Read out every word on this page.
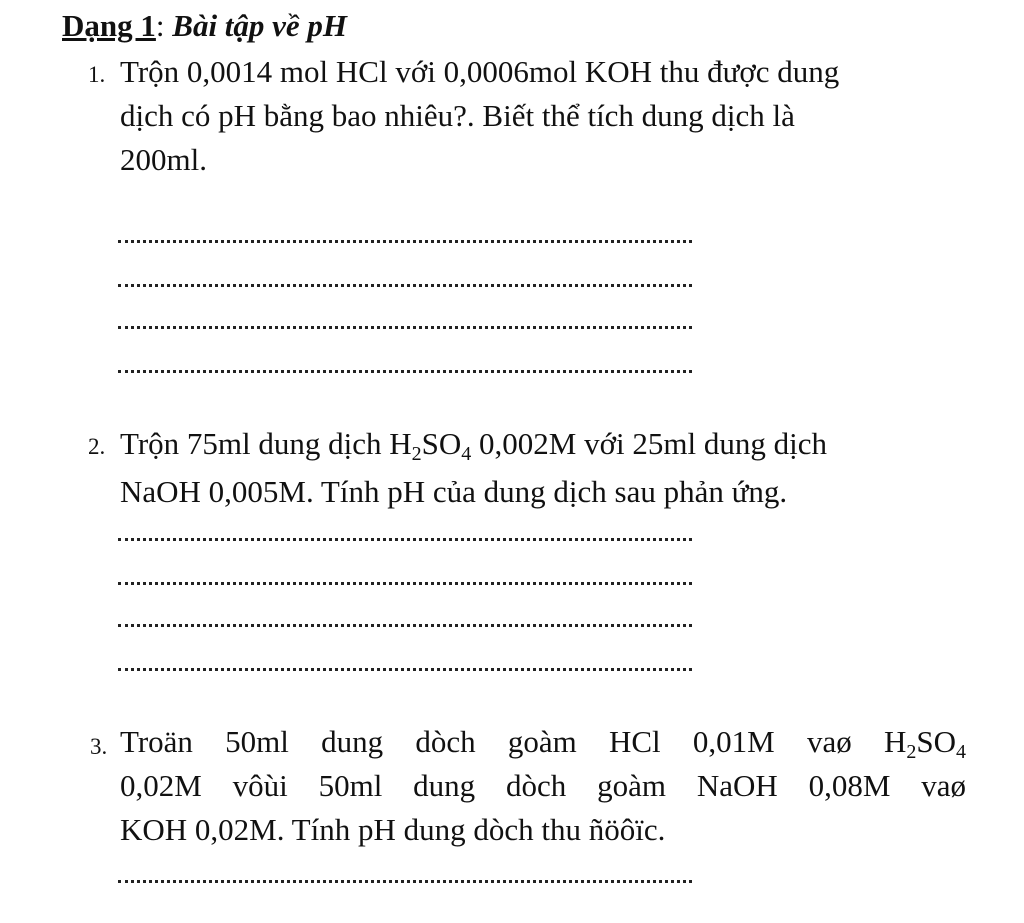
Dạng 1: Bài tập về pH
1. Trộn 0,0014 mol HCl với 0,0006mol KOH thu được dung
dịch có pH bằng bao nhiêu?. Biết thể tích dung dịch là
200ml.
2. Trộn 75ml dung dịch $H_2SO_4$ 0,002M với 25ml dung dịch
NaOH 0,005M. Tính pH của dung dịch sau phản ứng.
3. Troän 50ml dung dòch goàm HCl 0,01M vaø $H_2SO_4$
0,02M vôùi 50ml dung dòch goàm NaOH 0,08M vaø
KOH 0,02M. Tính pH dung dòch thu ñöôïc.
